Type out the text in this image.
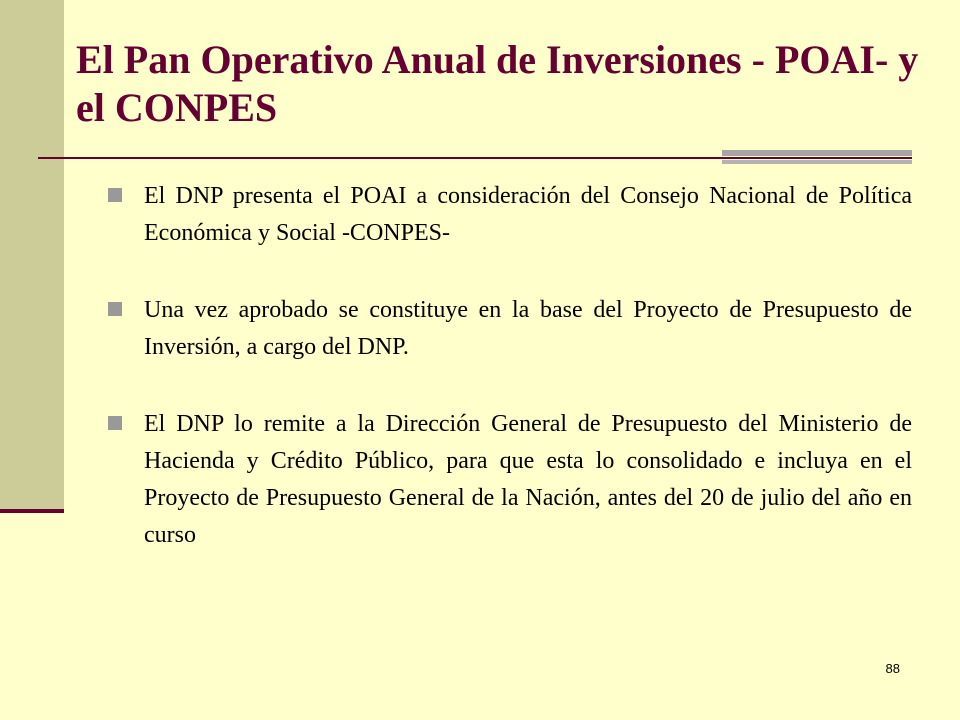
El Pan Operativo Anual de Inversiones - POAI- y el CONPES
El DNP presenta el POAI a consideración del Consejo Nacional de Política Económica y Social -CONPES-
Una vez aprobado se constituye en la base del Proyecto de Presupuesto de Inversión, a cargo del DNP.
El DNP lo remite a la Dirección General de Presupuesto del Ministerio de Hacienda y Crédito Público, para que esta lo consolidado e incluya en el Proyecto de Presupuesto General de la Nación, antes del 20 de julio del año en curso
88
